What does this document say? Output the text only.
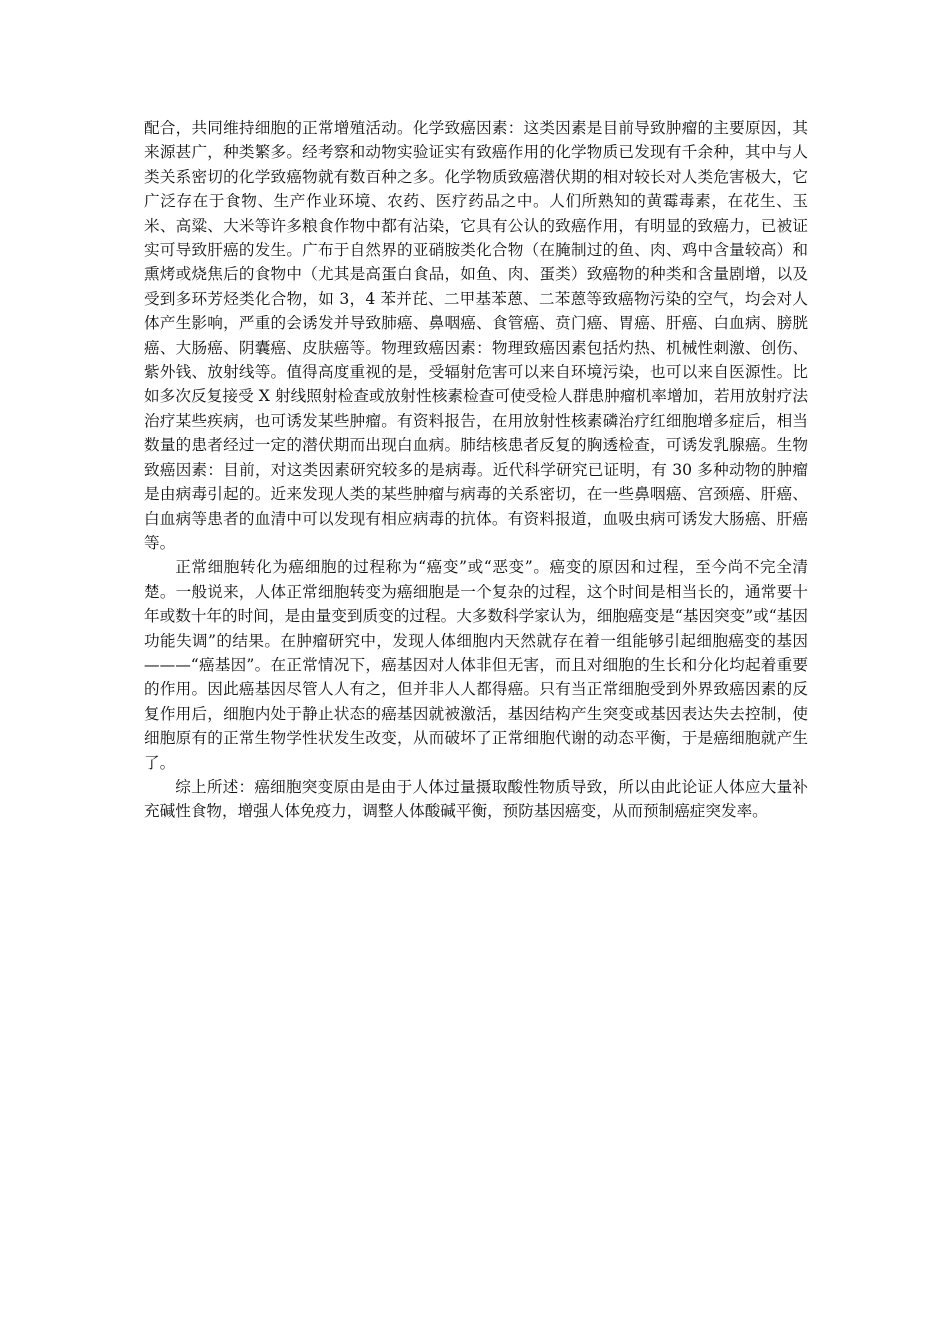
配合，共同维持细胞的正常增殖活动。化学致癌因素：这类因素是目前导致肿瘤的主要原因，其来源甚广，种类繁多。经考察和动物实验证实有致癌作用的化学物质已发现有千余种，其中与人类关系密切的化学致癌物就有数百种之多。化学物质致癌潜伏期的相对较长对人类危害极大，它广泛存在于食物、生产作业环境、农药、医疗药品之中。人们所熟知的黄霉毒素，在花生、玉米、高粱、大米等许多粮食作物中都有沾染，它具有公认的致癌作用，有明显的致癌力，已被证实可导致肝癌的发生。广布于自然界的亚硝胺类化合物（在腌制过的鱼、肉、鸡中含量较高）和熏烤或烧焦后的食物中（尤其是高蛋白食品，如鱼、肉、蛋类）致癌物的种类和含量剧增，以及受到多环芳烃类化合物，如 3，4 苯并芘、二甲基苯蒽、二苯蒽等致癌物污染的空气，均会对人体产生影响，严重的会诱发并导致肺癌、鼻咽癌、食管癌、贲门癌、胃癌、肝癌、白血病、膀胱癌、大肠癌、阴囊癌、皮肤癌等。物理致癌因素：物理致癌因素包括灼热、机械性刺激、创伤、紫外钱、放射线等。值得高度重视的是，受辐射危害可以来自环境污染，也可以来自医源性。比如多次反复接受 X 射线照射检查或放射性核素检查可使受检人群患肿瘤机率增加，若用放射疗法治疗某些疾病，也可诱发某些肿瘤。有资料报告，在用放射性核素磷治疗红细胞增多症后，相当数量的患者经过一定的潜伏期而出现白血病。肺结核患者反复的胸透检查，可诱发乳腺癌。生物致癌因素：目前，对这类因素研究较多的是病毒。近代科学研究已证明，有 30 多种动物的肿瘤是由病毒引起的。近来发现人类的某些肿瘤与病毒的关系密切，在一些鼻咽癌、宫颈癌、肝癌、白血病等患者的血清中可以发现有相应病毒的抗体。有资料报道，血吸虫病可诱发大肠癌、肝癌等。

正常细胞转化为癌细胞的过程称为“癌变”或“恶变”。癌变的原因和过程，至今尚不完全清楚。一般说来，人体正常细胞转变为癌细胞是一个复杂的过程，这个时间是相当长的，通常要十年或数十年的时间，是由量变到质变的过程。大多数科学家认为，细胞癌变是“基因突变”或“基因功能失调”的结果。在肿瘤研究中，发现人体细胞内天然就存在着一组能够引起细胞癌变的基因———“癌基因”。在正常情况下，癌基因对人体非但无害，而且对细胞的生长和分化均起着重要的作用。因此癌基因尽管人人有之，但并非人人都得癌。只有当正常细胞受到外界致癌因素的反复作用后，细胞内处于静止状态的癌基因就被激活，基因结构产生突变或基因表达失去控制，使细胞原有的正常生物学性状发生改变，从而破坏了正常细胞代谢的动态平衡，于是癌细胞就产生了。

综上所述：癌细胞突变原由是由于人体过量摄取酸性物质导致，所以由此论证人体应大量补充碱性食物，增强人体免疫力，调整人体酸碱平衡，预防基因癌变，从而预制癌症突发率。
